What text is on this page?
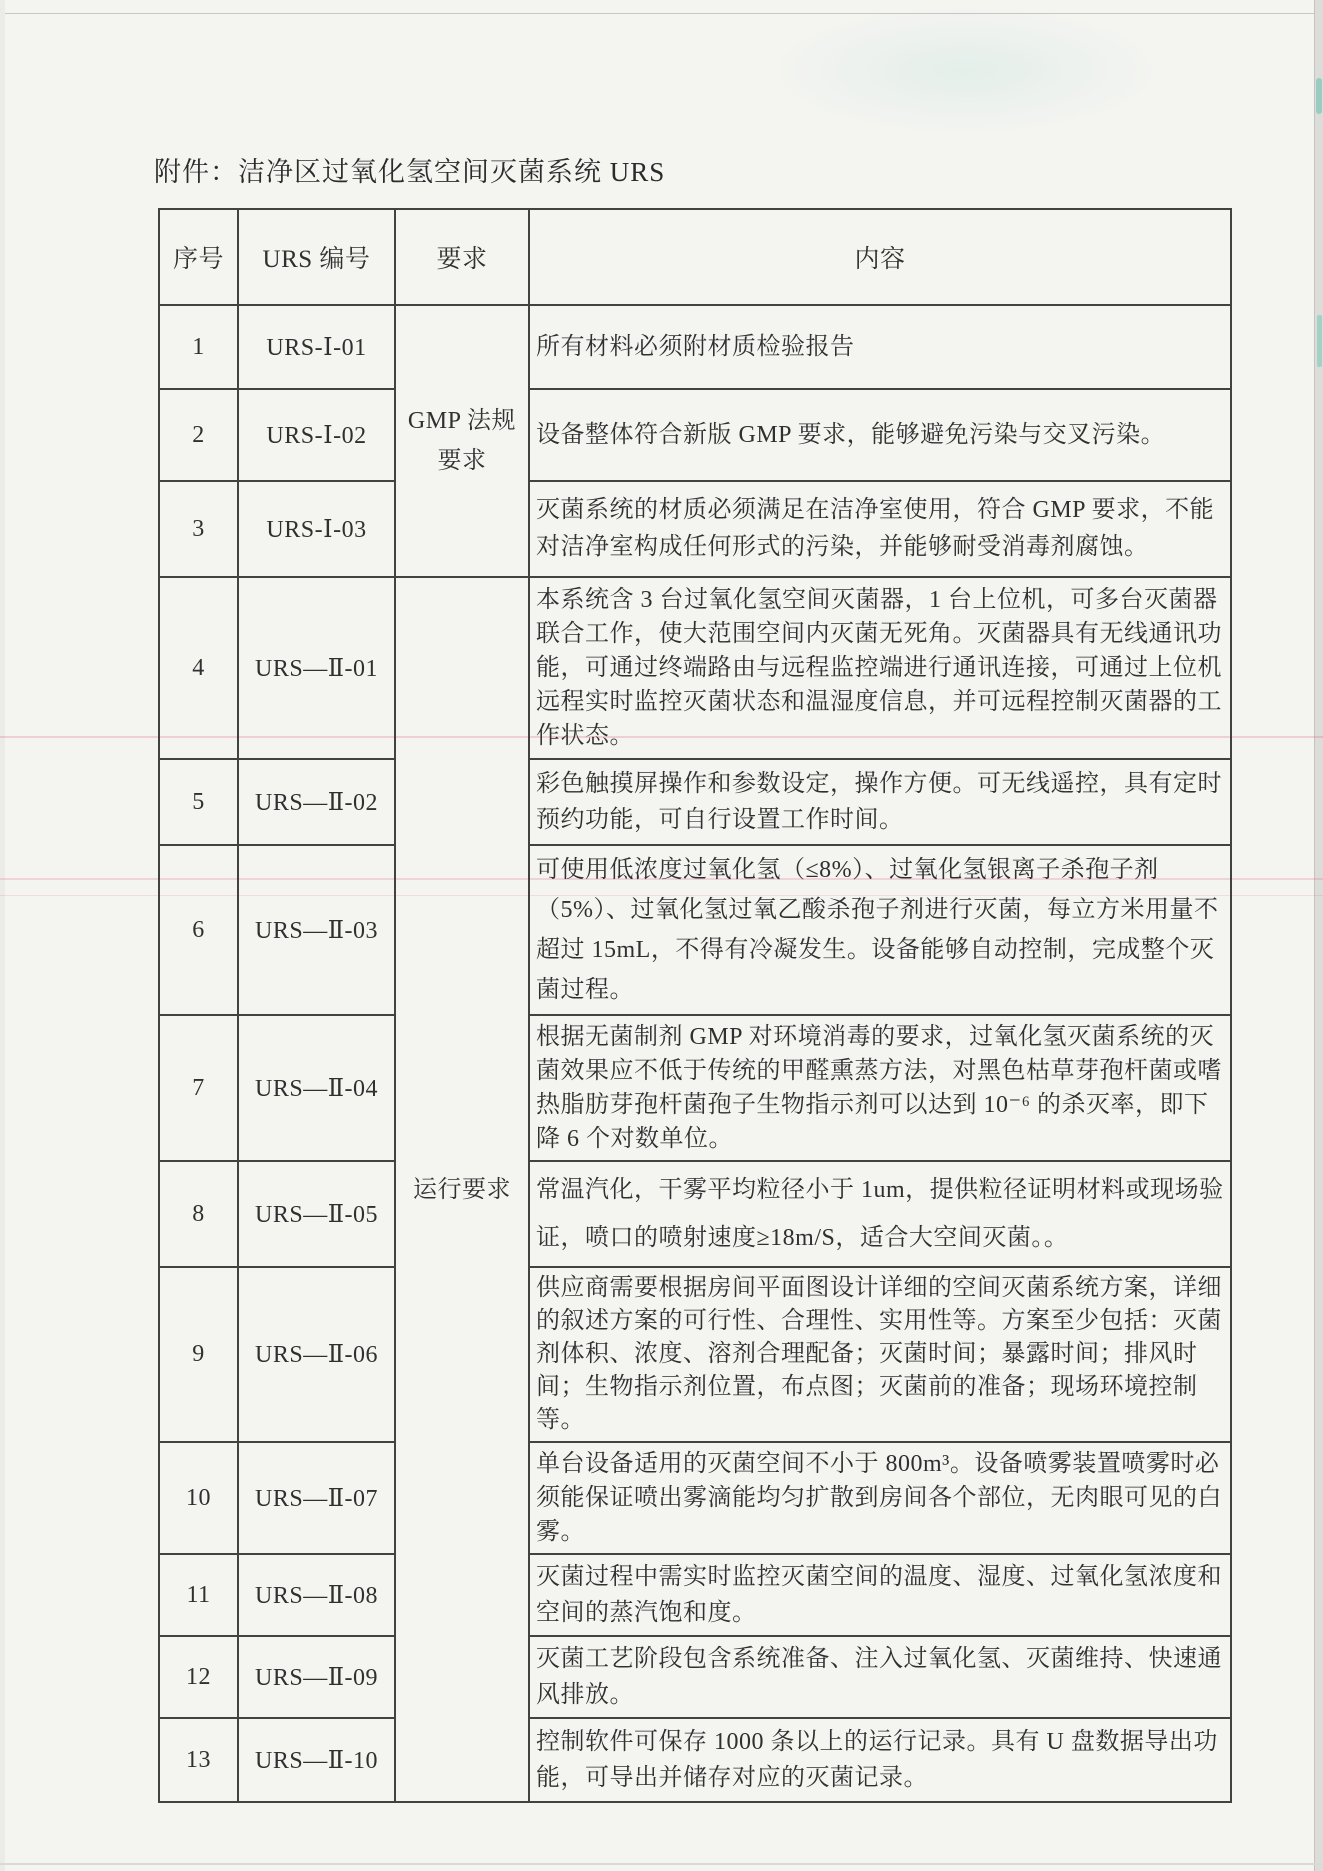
附件：洁净区过氧化氢空间灭菌系统 URS
序号	URS 编号	要求	内容
1	URS-Ⅰ-01	GMP 法规要求	所有材料必须附材质检验报告
2	URS-Ⅰ-02		设备整体符合新版 GMP 要求，能够避免污染与交叉污染。
3	URS-Ⅰ-03		灭菌系统的材质必须满足在洁净室使用，符合 GMP 要求，不能对洁净室构成任何形式的污染，并能够耐受消毒剂腐蚀。
4	URS—Ⅱ-01	运行要求	本系统含 3 台过氧化氢空间灭菌器，1 台上位机，可多台灭菌器联合工作，使大范围空间内灭菌无死角。灭菌器具有无线通讯功能，可通过终端路由与远程监控端进行通讯连接，可通过上位机远程实时监控灭菌状态和温湿度信息，并可远程控制灭菌器的工作状态。
5	URS—Ⅱ-02		彩色触摸屏操作和参数设定，操作方便。可无线遥控，具有定时预约功能，可自行设置工作时间。
6	URS—Ⅱ-03		可使用低浓度过氧化氢（≤8%）、过氧化氢银离子杀孢子剂（5%）、过氧化氢过氧乙酸杀孢子剂进行灭菌，每立方米用量不超过 15mL，不得有冷凝发生。设备能够自动控制，完成整个灭菌过程。
7	URS—Ⅱ-04		根据无菌制剂 GMP 对环境消毒的要求，过氧化氢灭菌系统的灭菌效果应不低于传统的甲醛熏蒸方法，对黑色枯草芽孢杆菌或嗜热脂肪芽孢杆菌孢子生物指示剂可以达到 10⁻⁶ 的杀灭率，即下降 6 个对数单位。
8	URS—Ⅱ-05		常温汽化，干雾平均粒径小于 1um，提供粒径证明材料或现场验证，喷口的喷射速度≥18m/S，适合大空间灭菌。。
9	URS—Ⅱ-06		供应商需要根据房间平面图设计详细的空间灭菌系统方案，详细的叙述方案的可行性、合理性、实用性等。方案至少包括：灭菌剂体积、浓度、溶剂合理配备；灭菌时间；暴露时间；排风时间；生物指示剂位置，布点图；灭菌前的准备；现场环境控制等。
10	URS—Ⅱ-07		单台设备适用的灭菌空间不小于 800m³。设备喷雾装置喷雾时必须能保证喷出雾滴能均匀扩散到房间各个部位，无肉眼可见的白雾。
11	URS—Ⅱ-08		灭菌过程中需实时监控灭菌空间的温度、湿度、过氧化氢浓度和空间的蒸汽饱和度。
12	URS—Ⅱ-09		灭菌工艺阶段包含系统准备、注入过氧化氢、灭菌维持、快速通风排放。
13	URS—Ⅱ-10		控制软件可保存 1000 条以上的运行记录。具有 U 盘数据导出功能，可导出并储存对应的灭菌记录。
